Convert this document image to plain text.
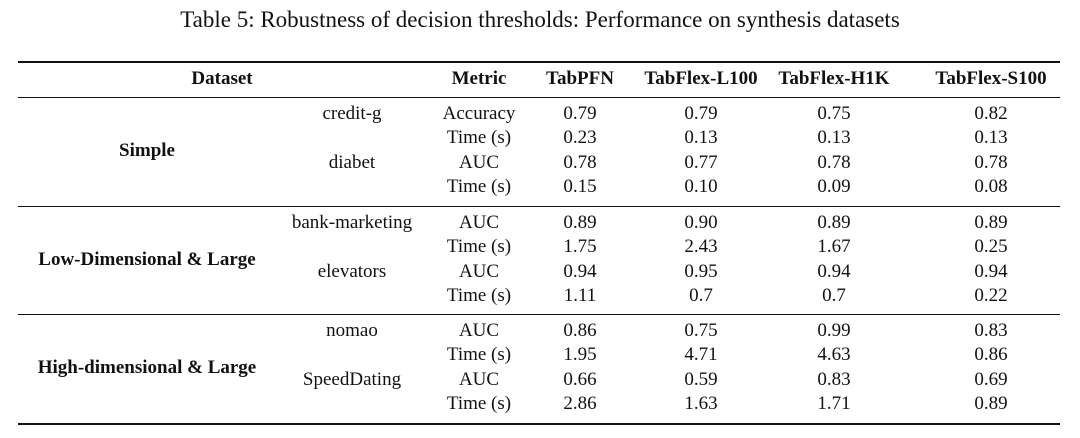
Table 5: Robustness of decision thresholds: Performance on synthesis datasets
Dataset	Metric	TabPFN	TabFlex-L100	TabFlex-H1K	TabFlex-S100
Simple
credit-g	Accuracy	0.79	0.79	0.75	0.82
Time (s)	0.23	0.13	0.13	0.13
diabet	AUC	0.78	0.77	0.78	0.78
Time (s)	0.15	0.10	0.09	0.08
Low-Dimensional & Large
bank-marketing	AUC	0.89	0.90	0.89	0.89
Time (s)	1.75	2.43	1.67	0.25
elevators	AUC	0.94	0.95	0.94	0.94
Time (s)	1.11	0.7	0.7	0.22
High-dimensional & Large
nomao	AUC	0.86	0.75	0.99	0.83
Time (s)	1.95	4.71	4.63	0.86
SpeedDating	AUC	0.66	0.59	0.83	0.69
Time (s)	2.86	1.63	1.71	0.89
